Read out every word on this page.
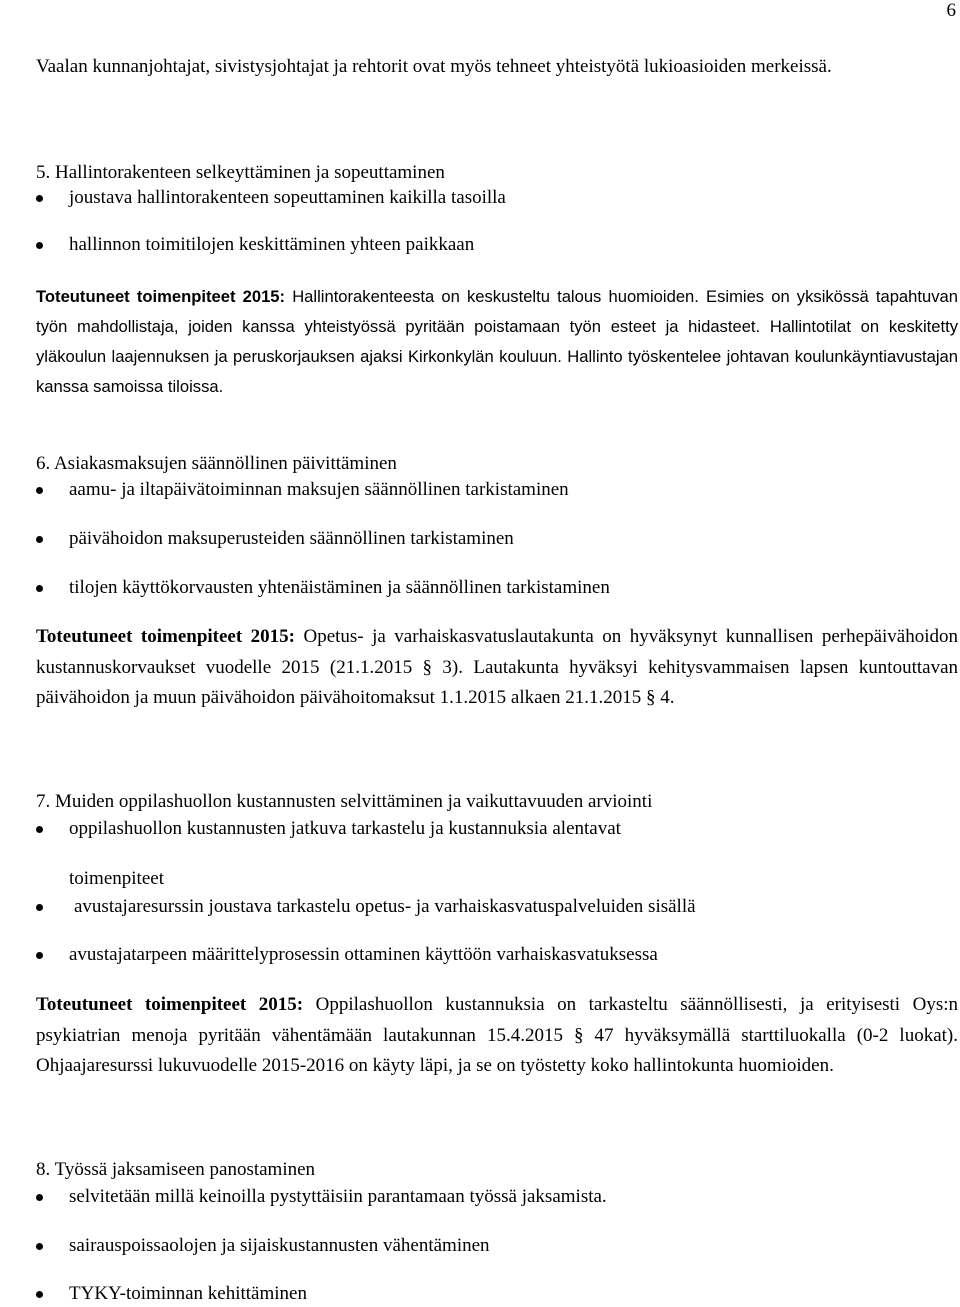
6
Vaalan kunnanjohtajat, sivistysjohtajat ja rehtorit ovat myös tehneet yhteistyötä lukioasioiden merkeissä.
5. Hallintorakenteen selkeyttäminen ja sopeuttaminen
joustava hallintorakenteen sopeuttaminen kaikilla tasoilla
hallinnon toimitilojen keskittäminen yhteen paikkaan
Toteutuneet toimenpiteet 2015: Hallintorakenteesta on keskusteltu talous huomioiden. Esimies on yksikössä tapahtuvan työn mahdollistaja, joiden kanssa yhteistyössä pyritään poistamaan työn esteet ja hidasteet. Hallintotilat on keskitetty yläkoulun laajennuksen ja peruskorjauksen ajaksi Kirkonkylän kouluun. Hallinto työskentelee johtavan koulunkäyntiavustajan kanssa samoissa tiloissa.
6. Asiakasmaksujen säännöllinen päivittäminen
aamu- ja iltapäivätoiminnan maksujen säännöllinen tarkistaminen
päivähoidon maksuperusteiden säännöllinen tarkistaminen
tilojen käyttökorvausten yhtenäistäminen ja säännöllinen tarkistaminen
Toteutuneet toimenpiteet 2015: Opetus- ja varhaiskasvatuslautakunta on hyväksynyt kunnallisen perhepäivähoidon kustannuskorvaukset vuodelle 2015 (21.1.2015 § 3). Lautakunta hyväksyi kehitysvammaisen lapsen kuntouttavan päivähoidon ja muun päivähoidon päivähoitomaksut 1.1.2015 alkaen 21.1.2015 § 4.
7. Muiden oppilashuollon kustannusten selvittäminen ja vaikuttavuuden arviointi
oppilashuollon kustannusten jatkuva tarkastelu ja kustannuksia alentavat
toimenpiteet
avustajaresurssin joustava tarkastelu opetus- ja varhaiskasvatuspalveluiden sisällä
avustajatarpeen määrittelyprosessin ottaminen käyttöön varhaiskasvatuksessa
Toteutuneet toimenpiteet 2015: Oppilashuollon kustannuksia on tarkasteltu säännöllisesti, ja erityisesti Oys:n psykiatrian menoja pyritään vähentämään lautakunnan 15.4.2015 § 47 hyväksymällä starttiluokalla (0-2 luokat). Ohjaajaresurssi lukuvuodelle 2015-2016 on käyty läpi, ja se on työstetty koko hallintokunta huomioiden.
8. Työssä jaksamiseen panostaminen
selvitetään millä keinoilla pystyttäisiin parantamaan työssä jaksamista.
sairauspoissaolojen ja sijaiskustannusten vähentäminen
TYKY-toiminnan kehittäminen
